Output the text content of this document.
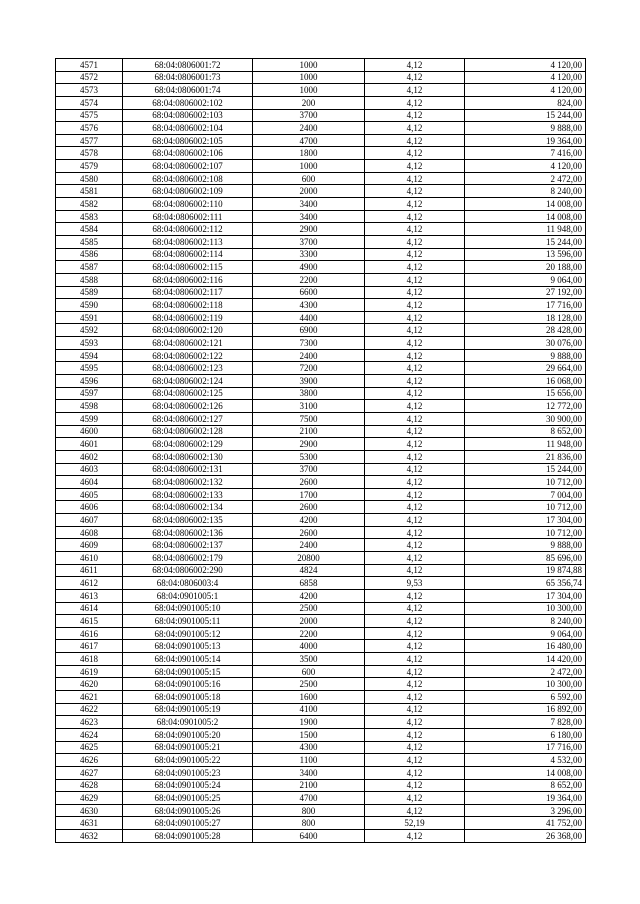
4571	68:04:0806001:72	1000	4,12	4 120,00
4572	68:04:0806001:73	1000	4,12	4 120,00
4573	68:04:0806001:74	1000	4,12	4 120,00
4574	68:04:0806002:102	200	4,12	824,00
4575	68:04:0806002:103	3700	4,12	15 244,00
4576	68:04:0806002:104	2400	4,12	9 888,00
4577	68:04:0806002:105	4700	4,12	19 364,00
4578	68:04:0806002:106	1800	4,12	7 416,00
4579	68:04:0806002:107	1000	4,12	4 120,00
4580	68:04:0806002:108	600	4,12	2 472,00
4581	68:04:0806002:109	2000	4,12	8 240,00
4582	68:04:0806002:110	3400	4,12	14 008,00
4583	68:04:0806002:111	3400	4,12	14 008,00
4584	68:04:0806002:112	2900	4,12	11 948,00
4585	68:04:0806002:113	3700	4,12	15 244,00
4586	68:04:0806002:114	3300	4,12	13 596,00
4587	68:04:0806002:115	4900	4,12	20 188,00
4588	68:04:0806002:116	2200	4,12	9 064,00
4589	68:04:0806002:117	6600	4,12	27 192,00
4590	68:04:0806002:118	4300	4,12	17 716,00
4591	68:04:0806002:119	4400	4,12	18 128,00
4592	68:04:0806002:120	6900	4,12	28 428,00
4593	68:04:0806002:121	7300	4,12	30 076,00
4594	68:04:0806002:122	2400	4,12	9 888,00
4595	68:04:0806002:123	7200	4,12	29 664,00
4596	68:04:0806002:124	3900	4,12	16 068,00
4597	68:04:0806002:125	3800	4,12	15 656,00
4598	68:04:0806002:126	3100	4,12	12 772,00
4599	68:04:0806002:127	7500	4,12	30 900,00
4600	68:04:0806002:128	2100	4,12	8 652,00
4601	68:04:0806002:129	2900	4,12	11 948,00
4602	68:04:0806002:130	5300	4,12	21 836,00
4603	68:04:0806002:131	3700	4,12	15 244,00
4604	68:04:0806002:132	2600	4,12	10 712,00
4605	68:04:0806002:133	1700	4,12	7 004,00
4606	68:04:0806002:134	2600	4,12	10 712,00
4607	68:04:0806002:135	4200	4,12	17 304,00
4608	68:04:0806002:136	2600	4,12	10 712,00
4609	68:04:0806002:137	2400	4,12	9 888,00
4610	68:04:0806002:179	20800	4,12	85 696,00
4611	68:04:0806002:290	4824	4,12	19 874,88
4612	68:04:0806003:4	6858	9,53	65 356,74
4613	68:04:0901005:1	4200	4,12	17 304,00
4614	68:04:0901005:10	2500	4,12	10 300,00
4615	68:04:0901005:11	2000	4,12	8 240,00
4616	68:04:0901005:12	2200	4,12	9 064,00
4617	68:04:0901005:13	4000	4,12	16 480,00
4618	68:04:0901005:14	3500	4,12	14 420,00
4619	68:04:0901005:15	600	4,12	2 472,00
4620	68:04:0901005:16	2500	4,12	10 300,00
4621	68:04:0901005:18	1600	4,12	6 592,00
4622	68:04:0901005:19	4100	4,12	16 892,00
4623	68:04:0901005:2	1900	4,12	7 828,00
4624	68:04:0901005:20	1500	4,12	6 180,00
4625	68:04:0901005:21	4300	4,12	17 716,00
4626	68:04:0901005:22	1100	4,12	4 532,00
4627	68:04:0901005:23	3400	4,12	14 008,00
4628	68:04:0901005:24	2100	4,12	8 652,00
4629	68:04:0901005:25	4700	4,12	19 364,00
4630	68:04:0901005:26	800	4,12	3 296,00
4631	68:04:0901005:27	800	52,19	41 752,00
4632	68:04:0901005:28	6400	4,12	26 368,00
